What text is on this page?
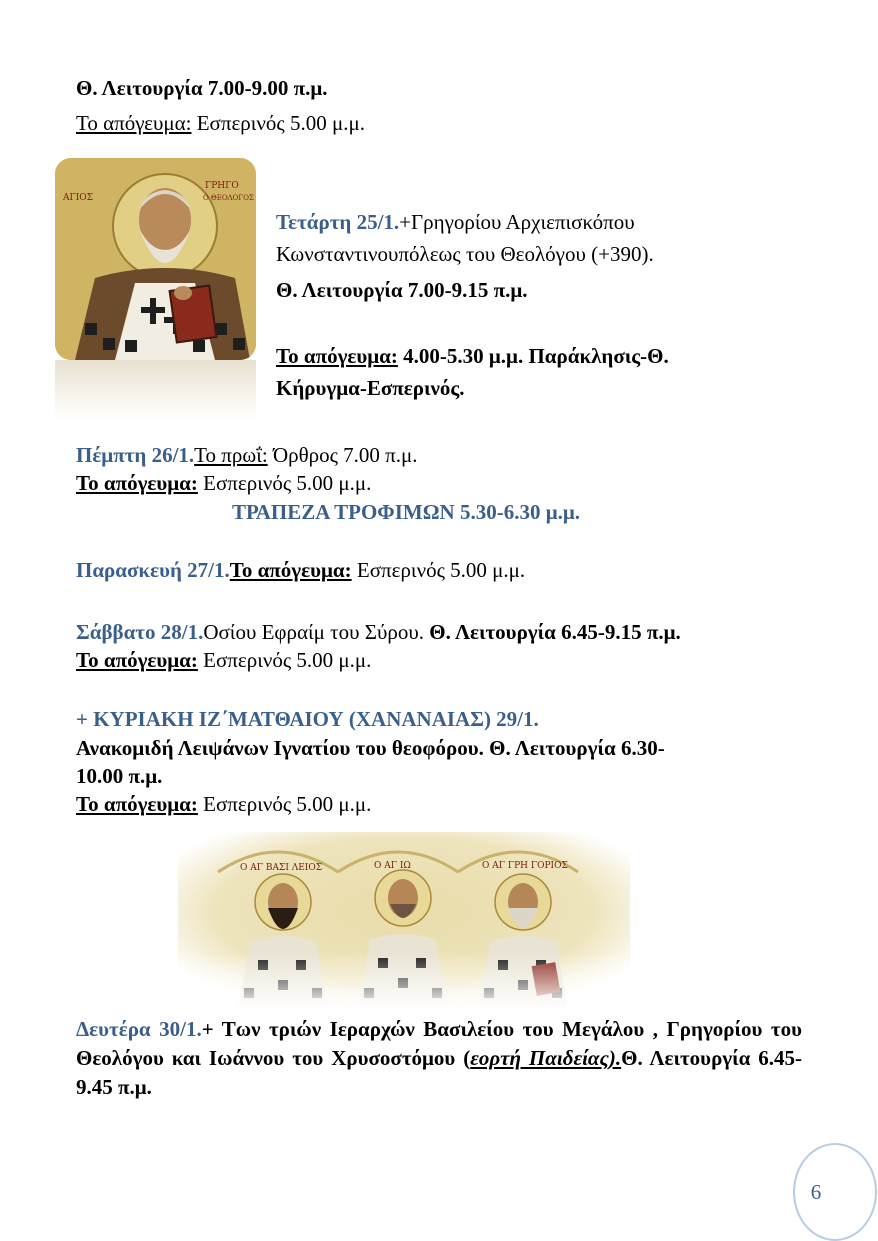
Θ. Λειτουργία 7.00-9.00 π.μ.
Το απόγευμα: Εσπερινός 5.00 μ.μ.
ΑΓΙΟΣ
ΓΡΗΓΟ
Ο ΘΕΟΛΟΓΟΣ
Τετάρτη 25/1.+Γρηγορίου Αρχιεπισκόπου
Κωνσταντινουπόλεως του Θεολόγου (+390).
Θ. Λειτουργία 7.00-9.15 π.μ.
Το απόγευμα: 4.00-5.30 μ.μ. Παράκλησις-Θ.
Κήρυγμα-Εσπερινός.
Πέμπτη 26/1.Το πρωΐ: Όρθρος 7.00 π.μ.
Το απόγευμα: Εσπερινός 5.00 μ.μ.
ΤΡΑΠΕΖΑ ΤΡΟΦΙΜΩΝ 5.30-6.30 μ.μ.
Παρασκευή 27/1.Το απόγευμα: Εσπερινός 5.00 μ.μ.
Σάββατο 28/1.Οσίου Εφραίμ του Σύρου. Θ. Λειτουργία 6.45-9.15 π.μ.
Το απόγευμα: Εσπερινός 5.00 μ.μ.
+ ΚΥΡΙΑΚΗ ΙΖ΄ΜΑΤΘΑΙΟΥ (ΧΑΝΑΝΑΙΑΣ) 29/1.
Ανακομιδή Λειψάνων Ιγνατίου του θεοφόρου. Θ. Λειτουργία 6.30-
10.00 π.μ.
Το απόγευμα: Εσπερινός 5.00 μ.μ.
Ο ΑΓ ΒΑΣΙ ΛΕΙΟΣ	Ο ΑΓ ΙΩ	Ο ΑΓ ΓΡΗ ΓΟΡΙΟΣ
Δευτέρα 30/1.+ Των τριών Ιεραρχών Βασιλείου του Μεγάλου , Γρηγορίου του Θεολόγου και Ιωάννου του Χρυσοστόμου (εορτή Παιδείας).Θ. Λειτουργία 6.45-9.45 π.μ.
6
